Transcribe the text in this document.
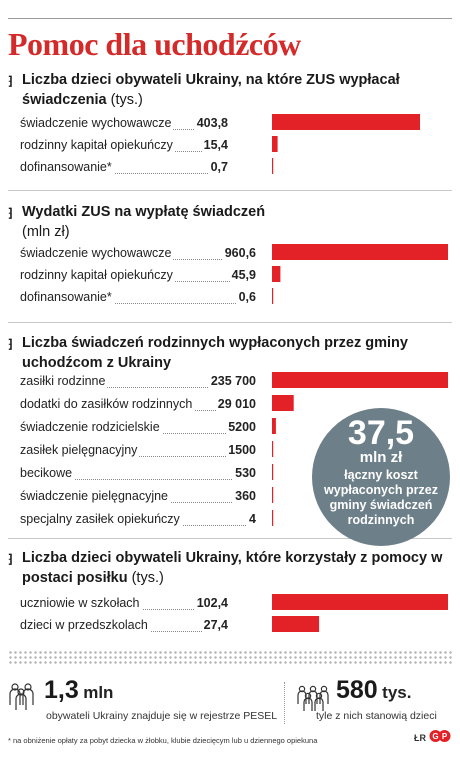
Pomoc dla uchodźców
⁆ Liczba dzieci obywateli Ukrainy, na które ZUS wypłacał świadczenia (tys.)
⁆ Wydatki ZUS na wypłatę świadczeń
(mln zł)
⁆ Liczba świadczeń rodzinnych wypłaconych przez gminy uchodźcom z Ukrainy
⁆ Liczba dzieci obywateli Ukrainy, które korzystały z pomocy w postaci posiłku (tys.)
świadczenie wychowawcze 403,8
rodzinny kapitał opiekuńczy 15,4
dofinansowanie*	0,7
świadczenie wychowawcze	960,6
rodzinny kapitał opiekuńczy	45,9
dofinansowanie*	0,6
zasiłki rodzinne	235 700
dodatki do zasiłków rodzinnych 29 010
świadczenie rodzicielskie	5200
zasiłek pielęgnacyjny	1500
becikowe	530
świadczenie pielęgnacyjne	360
specjalny zasiłek opiekuńczy	4
uczniowie w szkołach	102,4
dzieci w przedszkolach	27,4
37,5
mln zł
łączny koszt wypłaconych przez gminy świadczeń rodzinnych
1,3 mln
obywateli Ukrainy znajduje się w rejestrze PESEL
580 tys.
tyle z nich stanowią dzieci
* na obniżenie opłaty za pobyt dziecka w żłobku, klubie dziecięcym lub u dziennego opiekuna	ŁR G P
